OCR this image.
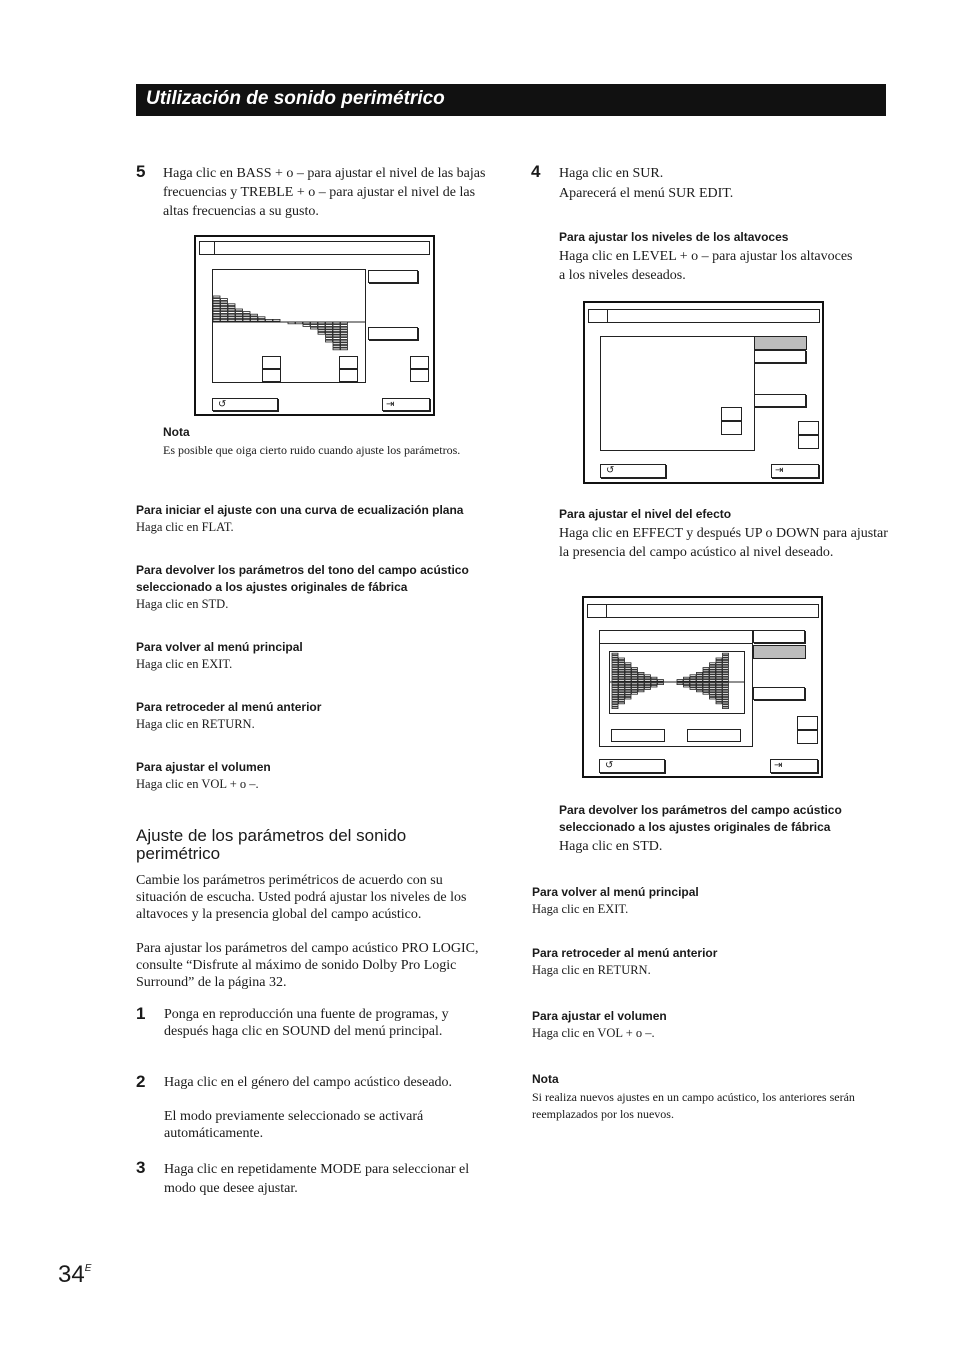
Utilización de sonido perimétrico
5 Haga clic en BASS + o – para ajustar el nivel de las bajas frecuencias y TREBLE + o – para ajustar el nivel de las altas frecuencias a su gusto.
↺	⇥
Nota
Es posible que oiga cierto ruido cuando ajuste los parámetros.
Para iniciar el ajuste con una curva de ecualización plana
Haga clic en FLAT.
Para devolver los parámetros del tono del campo acústico seleccionado a los ajustes originales de fábrica
Haga clic en STD.
Para volver al menú principal
Haga clic en EXIT.
Para retroceder al menú anterior
Haga clic en RETURN.
Para ajustar el volumen
Haga clic en VOL + o –.
Ajuste de los parámetros del sonido perimétrico
Cambie los parámetros perimétricos de acuerdo con su situación de escucha. Usted podrá ajustar los niveles de los altavoces y la presencia global del campo acústico.
Para ajustar los parámetros del campo acústico PRO LOGIC, consulte “Disfrute al máximo de sonido Dolby Pro Logic Surround” de la página 32.
1 Ponga en reproducción una fuente de programas, y después haga clic en SOUND del menú principal.
2 Haga clic en el género del campo acústico deseado.
El modo previamente seleccionado se activará automáticamente.
3 Haga clic en repetidamente MODE para seleccionar el modo que desee ajustar.
4 Haga clic en SUR.
Aparecerá el menú SUR EDIT.
Para ajustar los niveles de los altavoces
Haga clic en LEVEL + o – para ajustar los altavoces a los niveles deseados.
↺	⇥
Para ajustar el nivel del efecto
Haga clic en EFFECT y después UP o DOWN para ajustar la presencia del campo acústico al nivel deseado.
↺	⇥
Para devolver los parámetros del campo acústico seleccionado a los ajustes originales de fábrica
Haga clic en STD.
Para volver al menú principal
Haga clic en EXIT.
Para retroceder al menú anterior
Haga clic en RETURN.
Para ajustar el volumen
Haga clic en VOL + o –.
Nota
Si realiza nuevos ajustes en un campo acústico, los anteriores serán reemplazados por los nuevos.
$34^E$
